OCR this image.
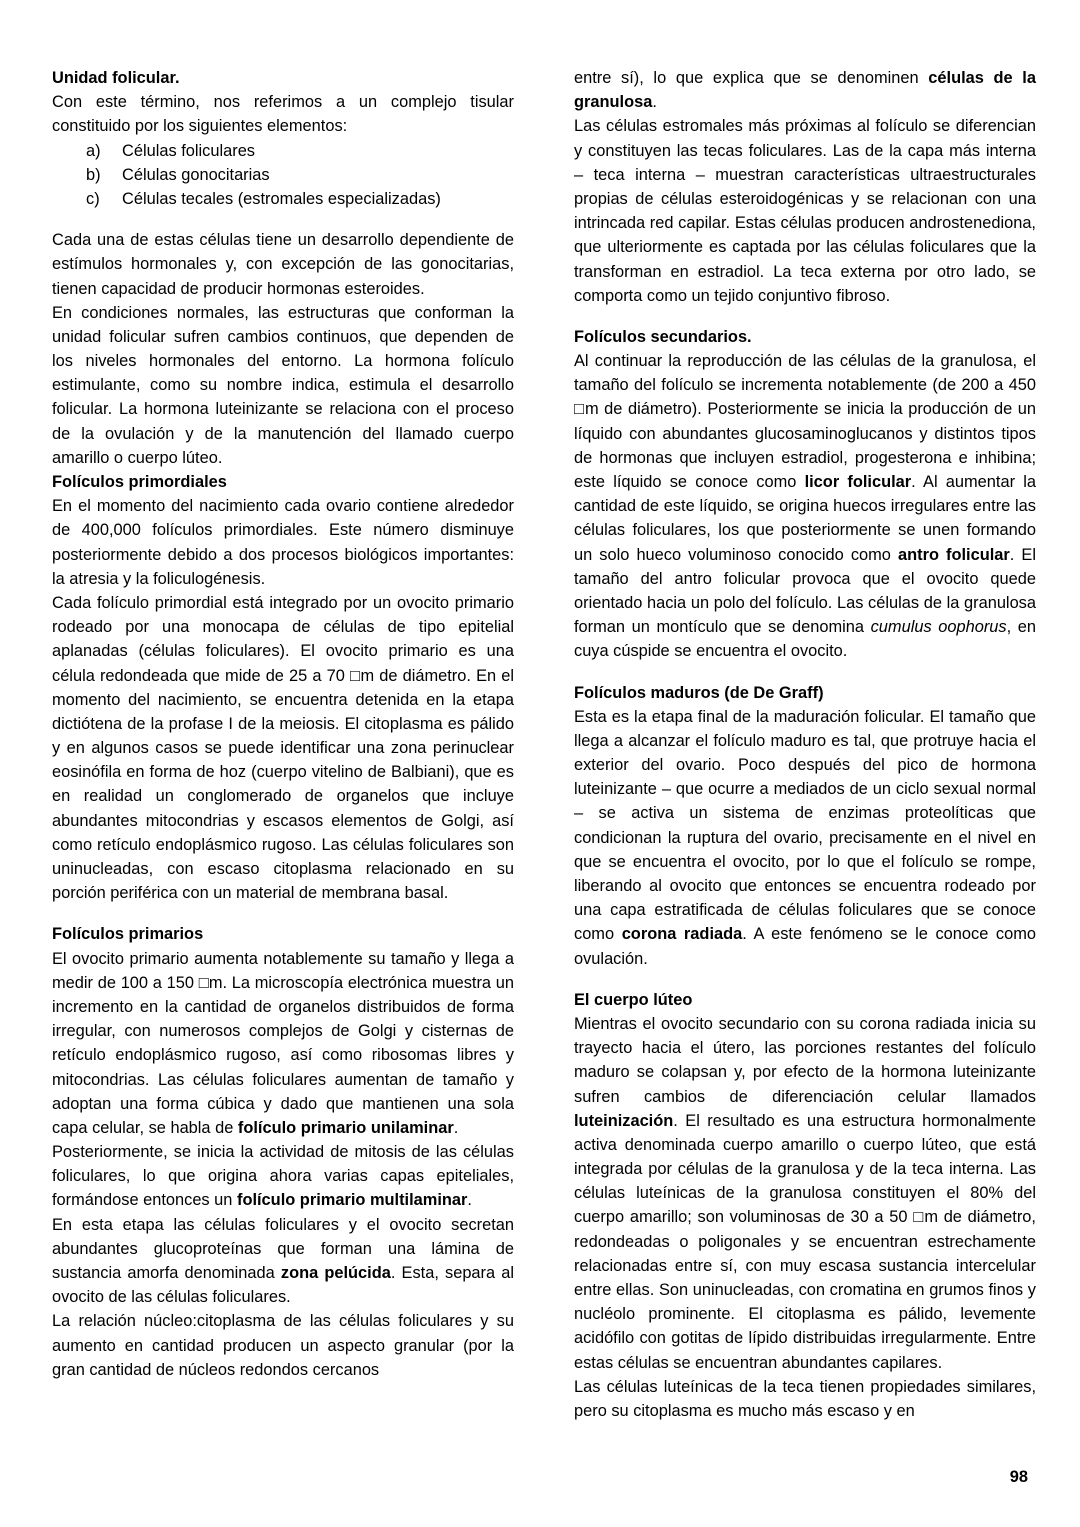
Unidad folicular.

Con este término, nos referimos a un complejo tisular constituido por los siguientes elementos:

Células foliculares
Células gonocitarias
Células tecales (estromales especializadas)

Cada una de estas células tiene un desarrollo dependiente de estímulos hormonales y, con excepción de las gonocitarias, tienen capacidad de producir hormonas esteroides.

En condiciones normales, las estructuras que conforman la unidad folicular sufren cambios continuos, que dependen de los niveles hormonales del entorno. La hormona folículo estimulante, como su nombre indica, estimula el desarrollo folicular. La hormona luteinizante se relaciona con el proceso de la ovulación y de la manutención del llamado cuerpo amarillo o cuerpo lúteo.

Folículos primordiales

En el momento del nacimiento cada ovario contiene alrededor de 400,000 folículos primordiales. Este número disminuye posteriormente debido a dos procesos biológicos importantes: la atresia y la foliculogénesis.

Cada folículo primordial está integrado por un ovocito primario rodeado por una monocapa de células de tipo epitelial aplanadas (células foliculares). El ovocito primario es una célula redondeada que mide de 25 a 70 □m de diámetro. En el momento del nacimiento, se encuentra detenida en la etapa dictiótena de la profase I de la meiosis. El citoplasma es pálido y en algunos casos se puede identificar una zona perinuclear eosinófila en forma de hoz (cuerpo vitelino de Balbiani), que es en realidad un conglomerado de organelos que incluye abundantes mitocondrias y escasos elementos de Golgi, así como retículo endoplásmico rugoso. Las células foliculares son uninucleadas, con escaso citoplasma relacionado en su porción periférica con un material de membrana basal.

Folículos primarios

El ovocito primario aumenta notablemente su tamaño y llega a medir de 100 a 150 □m. La microscopía electrónica muestra un incremento en la cantidad de organelos distribuidos de forma irregular, con numerosos complejos de Golgi y cisternas de retículo endoplásmico rugoso, así como ribosomas libres y mitocondrias. Las células foliculares aumentan de tamaño y adoptan una forma cúbica y dado que mantienen una sola capa celular, se habla de folículo primario unilaminar.

Posteriormente, se inicia la actividad de mitosis de las células foliculares, lo que origina ahora varias capas epiteliales, formándose entonces un folículo primario multilaminar.

En esta etapa las células foliculares y el ovocito secretan abundantes glucoproteínas que forman una lámina de sustancia amorfa denominada zona pelúcida. Esta, separa al ovocito de las células foliculares.

La relación núcleo:citoplasma de las células foliculares y su aumento en cantidad producen un aspecto granular (por la gran cantidad de núcleos redondos cercanos

entre sí), lo que explica que se denominen células de la granulosa.

Las células estromales más próximas al folículo se diferencian y constituyen las tecas foliculares. Las de la capa más interna – teca interna – muestran características ultraestructurales propias de células esteroidogénicas y se relacionan con una intrincada red capilar. Estas células producen androstenediona, que ulteriormente es captada por las células foliculares que la transforman en estradiol. La teca externa por otro lado, se comporta como un tejido conjuntivo fibroso.

Folículos secundarios.

Al continuar la reproducción de las células de la granulosa, el tamaño del folículo se incrementa notablemente (de 200 a 450 □m de diámetro). Posteriormente se inicia la producción de un líquido con abundantes glucosaminoglucanos y distintos tipos de hormonas que incluyen estradiol, progesterona e inhibina; este líquido se conoce como licor folicular. Al aumentar la cantidad de este líquido, se origina huecos irregulares entre las células foliculares, los que posteriormente se unen formando un solo hueco voluminoso conocido como antro folicular. El tamaño del antro folicular provoca que el ovocito quede orientado hacia un polo del folículo. Las células de la granulosa forman un montículo que se denomina cumulus oophorus, en cuya cúspide se encuentra el ovocito.

Folículos maduros (de De Graff)

Esta es la etapa final de la maduración folicular. El tamaño que llega a alcanzar el folículo maduro es tal, que protruye hacia el exterior del ovario. Poco después del pico de hormona luteinizante – que ocurre a mediados de un ciclo sexual normal – se activa un sistema de enzimas proteolíticas que condicionan la ruptura del ovario, precisamente en el nivel en que se encuentra el ovocito, por lo que el folículo se rompe, liberando al ovocito que entonces se encuentra rodeado por una capa estratificada de células foliculares que se conoce como corona radiada. A este fenómeno se le conoce como ovulación.

El cuerpo lúteo

Mientras el ovocito secundario con su corona radiada inicia su trayecto hacia el útero, las porciones restantes del folículo maduro se colapsan y, por efecto de la hormona luteinizante sufren cambios de diferenciación celular llamados luteinización. El resultado es una estructura hormonalmente activa denominada cuerpo amarillo o cuerpo lúteo, que está integrada por células de la granulosa y de la teca interna. Las células luteínicas de la granulosa constituyen el 80% del cuerpo amarillo; son voluminosas de 30 a 50 □m de diámetro, redondeadas o poligonales y se encuentran estrechamente relacionadas entre sí, con muy escasa sustancia intercelular entre ellas. Son uninucleadas, con cromatina en grumos finos y nucléolo prominente. El citoplasma es pálido, levemente acidófilo con gotitas de lípido distribuidas irregularmente. Entre estas células se encuentran abundantes capilares.

Las células luteínicas de la teca tienen propiedades similares, pero su citoplasma es mucho más escaso y en

98
